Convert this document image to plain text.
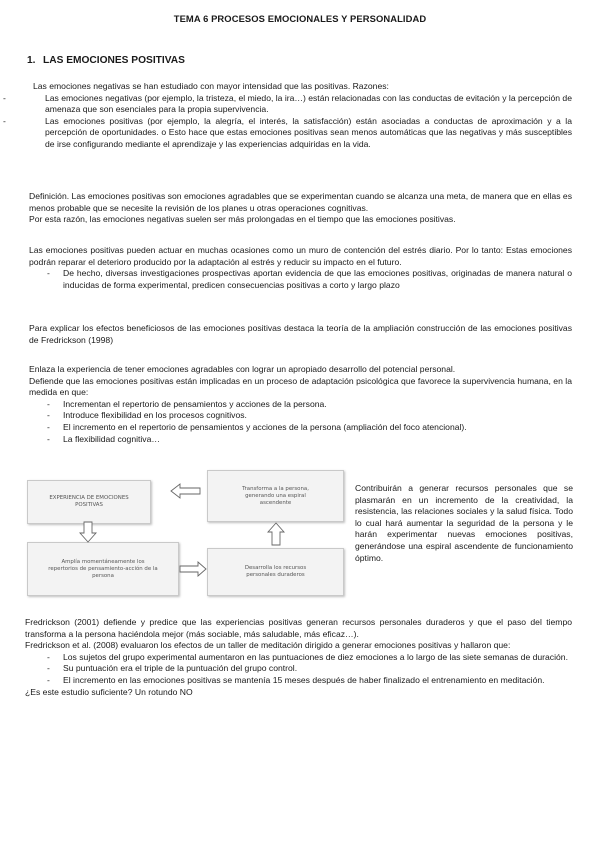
TEMA 6 PROCESOS EMOCIONALES Y PERSONALIDAD
1. LAS EMOCIONES POSITIVAS

Las emociones negativas se han estudiado con mayor intensidad que las positivas. Razones:

- Las emociones negativas (por ejemplo, la tristeza, el miedo, la ira…) están relacionadas con las conductas de evitación y la percepción de amenaza que son esenciales para la propia supervivencia.
- Las emociones positivas (por ejemplo, la alegría, el interés, la satisfacción) están asociadas a conductas de aproximación y a la percepción de oportunidades. o Esto hace que estas emociones positivas sean menos automáticas que las negativas y más susceptibles de irse configurando mediante el aprendizaje y las experiencias adquiridas en la vida.

Definición. Las emociones positivas son emociones agradables que se experimentan cuando se alcanza una meta, de manera que en ellas es menos probable que se necesite la revisión de los planes u otras operaciones cognitivas.

Por esta razón, las emociones negativas suelen ser más prolongadas en el tiempo que las emociones positivas.

Las emociones positivas pueden actuar en muchas ocasiones como un muro de contención del estrés diario. Por lo tanto: Estas emociones podrán reparar el deterioro producido por la adaptación al estrés y reducir su impacto en el futuro.

- De hecho, diversas investigaciones prospectivas aportan evidencia de que las emociones positivas, originadas de manera natural o inducidas de forma experimental, predicen consecuencias positivas a corto y largo plazo

Para explicar los efectos beneficiosos de las emociones positivas destaca la teoría de la ampliación construcción de las emociones positivas de Fredrickson (1998)

Enlaza la experiencia de tener emociones agradables con lograr un apropiado desarrollo del potencial personal.

Defiende que las emociones positivas están implicadas en un proceso de adaptación psicológica que favorece la supervivencia humana, en la medida en que:

- Incrementan el repertorio de pensamientos y acciones de la persona.
- Introduce flexibilidad en los procesos cognitivos.
- El incremento en el repertorio de pensamientos y acciones de la persona (ampliación del foco atencional).
- La flexibilidad cognitiva…
EXPERIENCIA DE EMOCIONES POSITIVAS
Transforma a la persona, generando una espiral ascendente
Amplía momentáneamente los repertorios de pensamiento-acción de la persona
Desarrolla los recursos personales duraderos
Contribuirán a generar recursos personales que se plasmarán en un incremento de la creatividad, la resistencia, las relaciones sociales y la salud física. Todo lo cual hará aumentar la seguridad de la persona y le harán experimentar nuevas emociones positivas, generándose una espiral ascendente de funcionamiento óptimo.

Fredrickson (2001) defiende y predice que las experiencias positivas generan recursos personales duraderos y que el paso del tiempo transforma a la persona haciéndola mejor (más sociable, más saludable, más eficaz…).

Fredrickson et al. (2008) evaluaron los efectos de un taller de meditación dirigido a generar emociones positivas y hallaron que:

- Los sujetos del grupo experimental aumentaron en las puntuaciones de diez emociones a lo largo de las siete semanas de duración.
- Su puntuación era el triple de la puntuación del grupo control.
- El incremento en las emociones positivas se mantenía 15 meses después de haber finalizado el entrenamiento en meditación.

¿Es este estudio suficiente? Un rotundo NO
